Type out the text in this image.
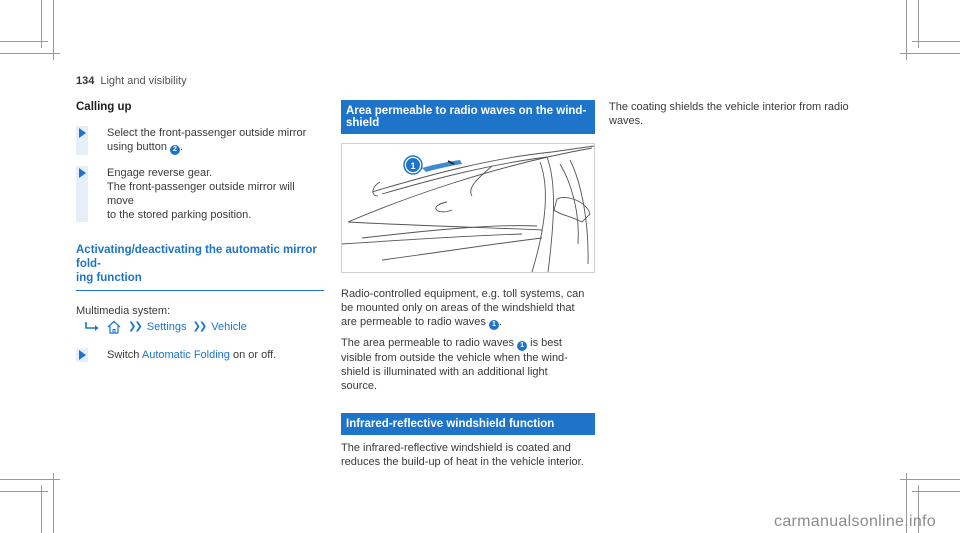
134 Light and visibility
Calling up
Select the front-passenger outside mirror
using button 2 .
Engage reverse gear.
The front-passenger outside mirror will move
to the stored parking position.
Activating/deactivating the automatic mirror fold-
ing function

Multimedia system:

❯❯ Settings ❯❯ Vehicle
Switch Automatic Folding on or off.
Area permeable to radio waves on the wind-
shield
1

Radio-controlled equipment, e.g. toll systems, can

be mounted only on areas of the windshield that

are permeable to radio waves 1 .

The area permeable to radio waves 1 is best

visible from outside the vehicle when the wind-

shield is illuminated with an additional light

source.

Infrared-reflective windshield function

The infrared-reflective windshield is coated and

reduces the build-up of heat in the vehicle interior.

The coating shields the vehicle interior from radio

waves.

carmanualsonline.info
